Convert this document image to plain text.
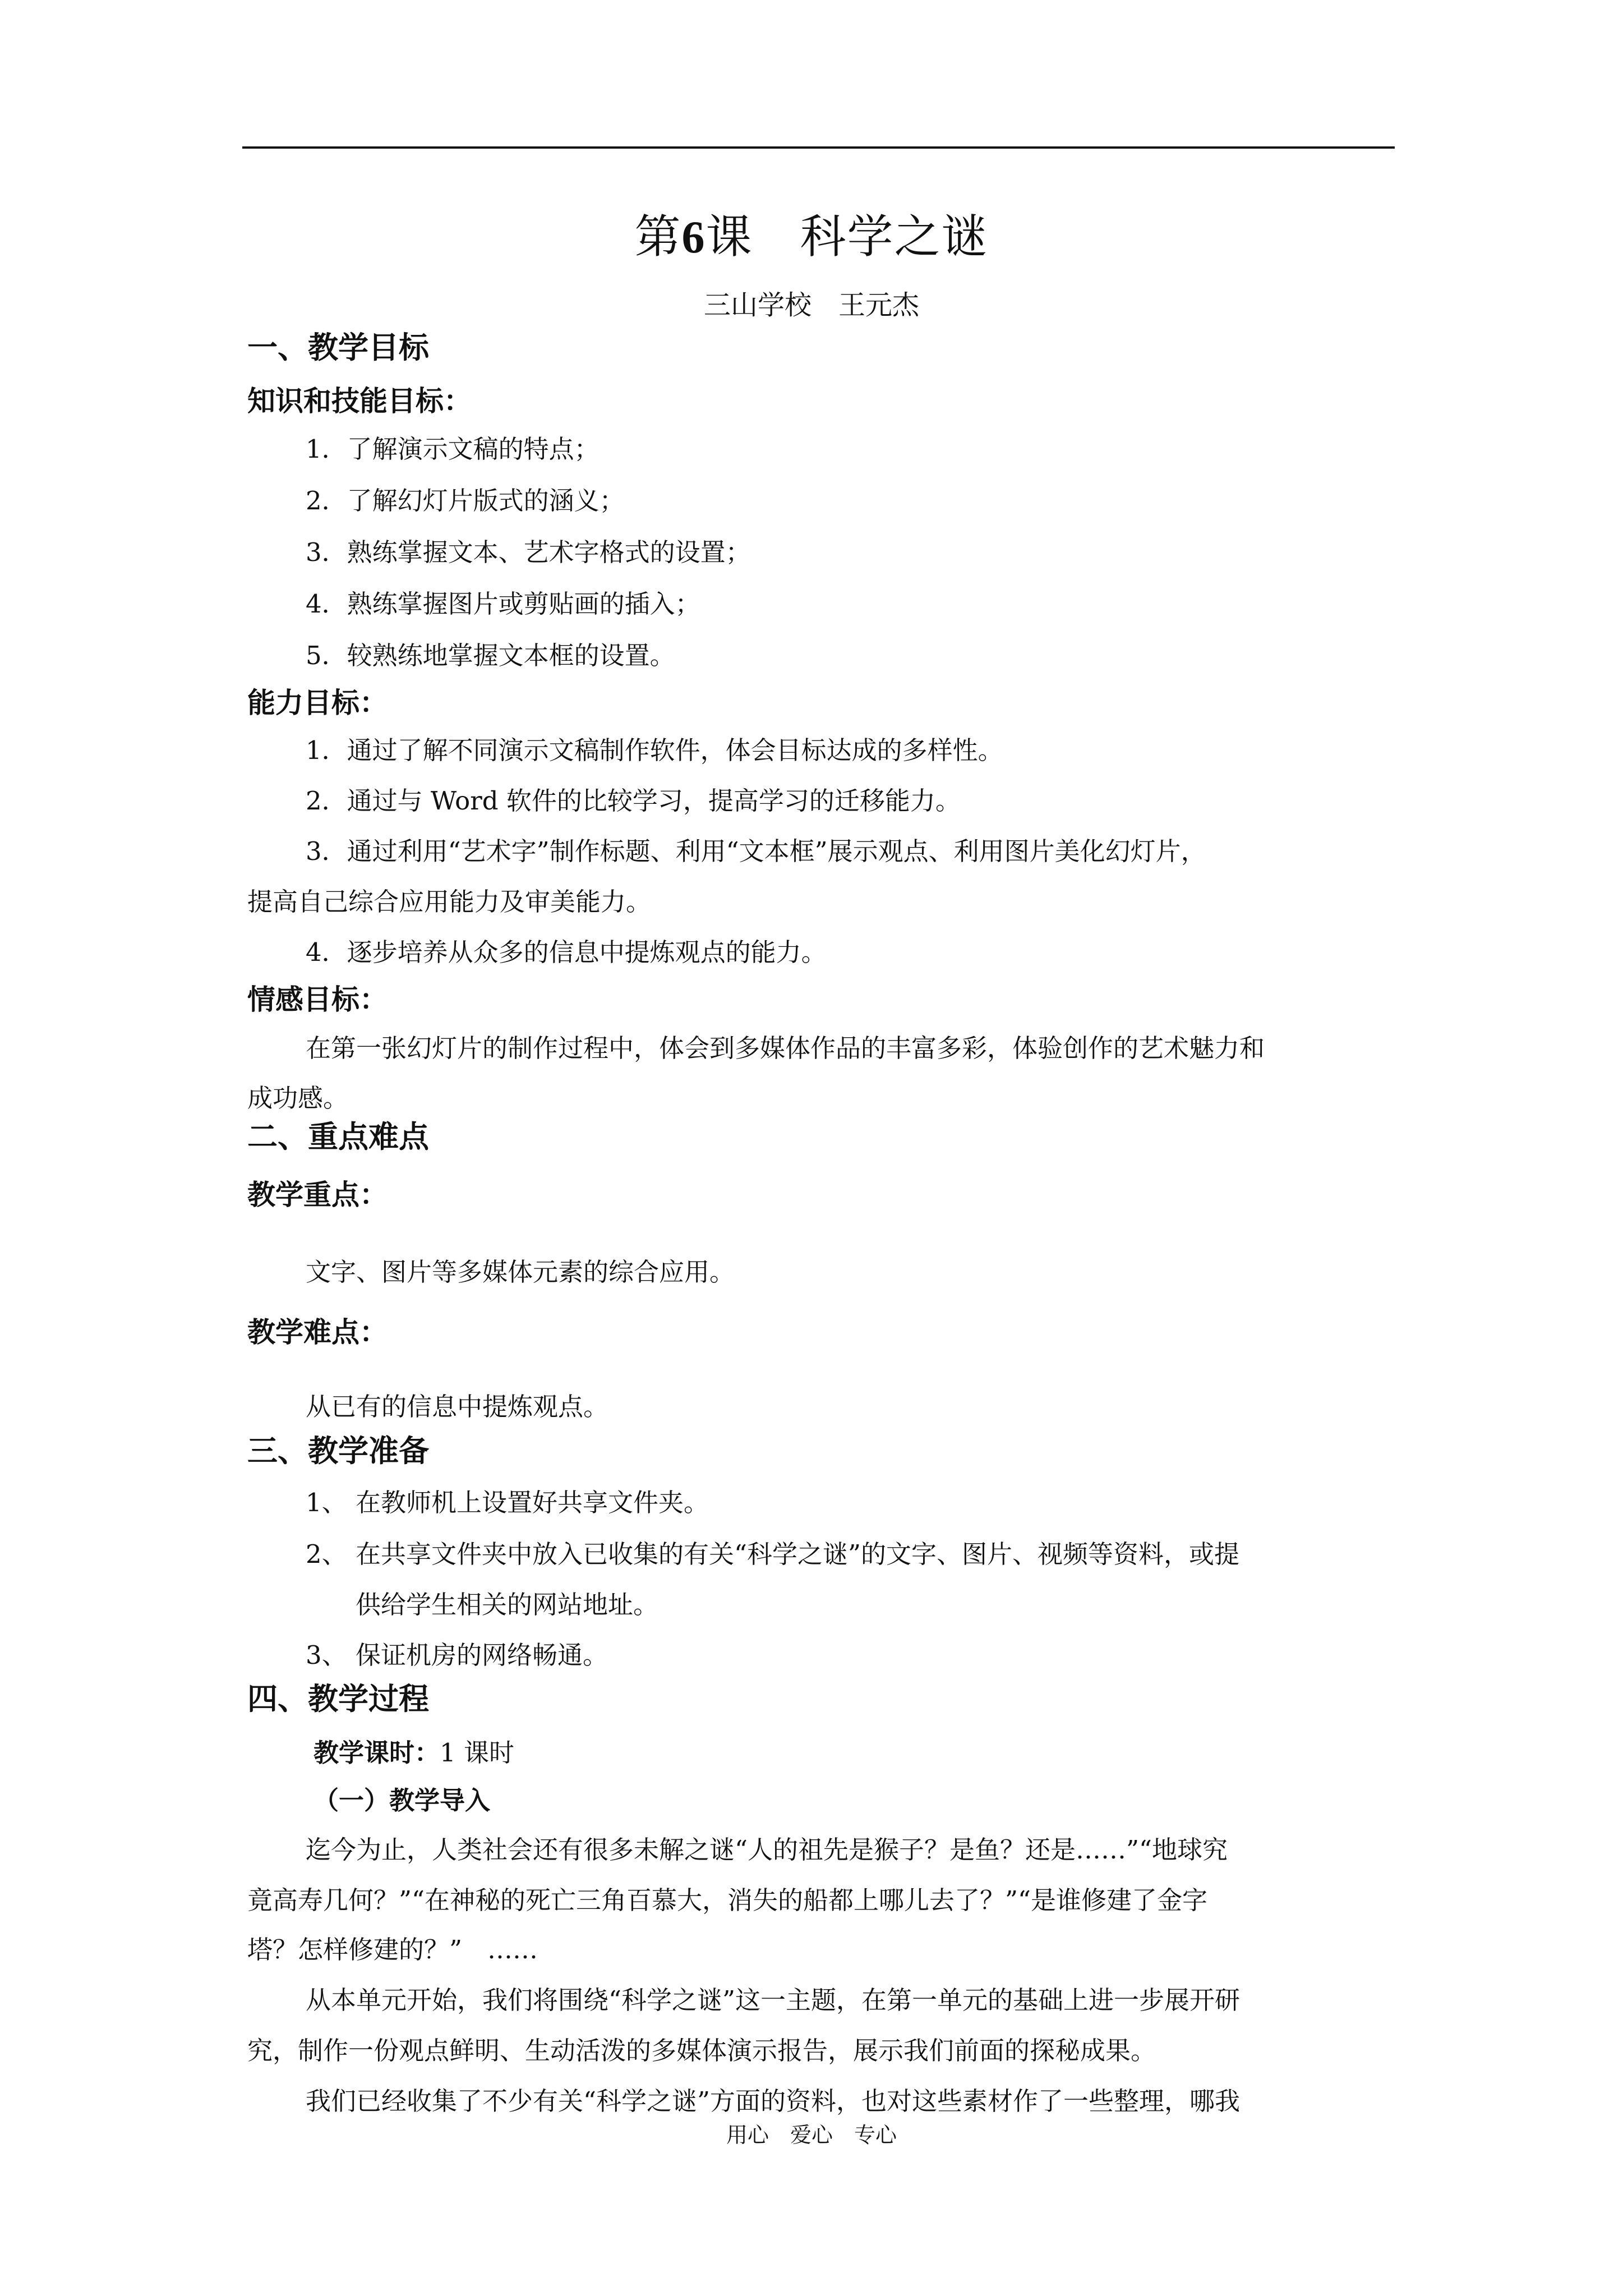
第6课　科学之谜
三山学校　王元杰
一、教学目标
知识和技能目标：
1．了解演示文稿的特点；
2．了解幻灯片版式的涵义；
3．熟练掌握文本、艺术字格式的设置；
4．熟练掌握图片或剪贴画的插入；
5．较熟练地掌握文本框的设置。
能力目标：
1．通过了解不同演示文稿制作软件，体会目标达成的多样性。
2．通过与 Word 软件的比较学习，提高学习的迁移能力。
3．通过利用“艺术字”制作标题、利用“文本框”展示观点、利用图片美化幻灯片，
提高自己综合应用能力及审美能力。
4．逐步培养从众多的信息中提炼观点的能力。
情感目标：
在第一张幻灯片的制作过程中，体会到多媒体作品的丰富多彩，体验创作的艺术魅力和
成功感。
二、重点难点
教学重点：
文字、图片等多媒体元素的综合应用。
教学难点：
从已有的信息中提炼观点。
三、教学准备
1、 在教师机上设置好共享文件夹。
2、 在共享文件夹中放入已收集的有关“科学之谜”的文字、图片、视频等资料，或提
供给学生相关的网站地址。
3、 保证机房的网络畅通。
四、教学过程
教学课时：1 课时
（一）教学导入
迄今为止，人类社会还有很多未解之谜“人的祖先是猴子？是鱼？还是……”“地球究
竟高寿几何？”“在神秘的死亡三角百慕大，消失的船都上哪儿去了？”“是谁修建了金字
塔？怎样修建的？”　……
从本单元开始，我们将围绕“科学之谜”这一主题，在第一单元的基础上进一步展开研
究，制作一份观点鲜明、生动活泼的多媒体演示报告，展示我们前面的探秘成果。
我们已经收集了不少有关“科学之谜”方面的资料，也对这些素材作了一些整理，哪我
用心　爱心　专心
